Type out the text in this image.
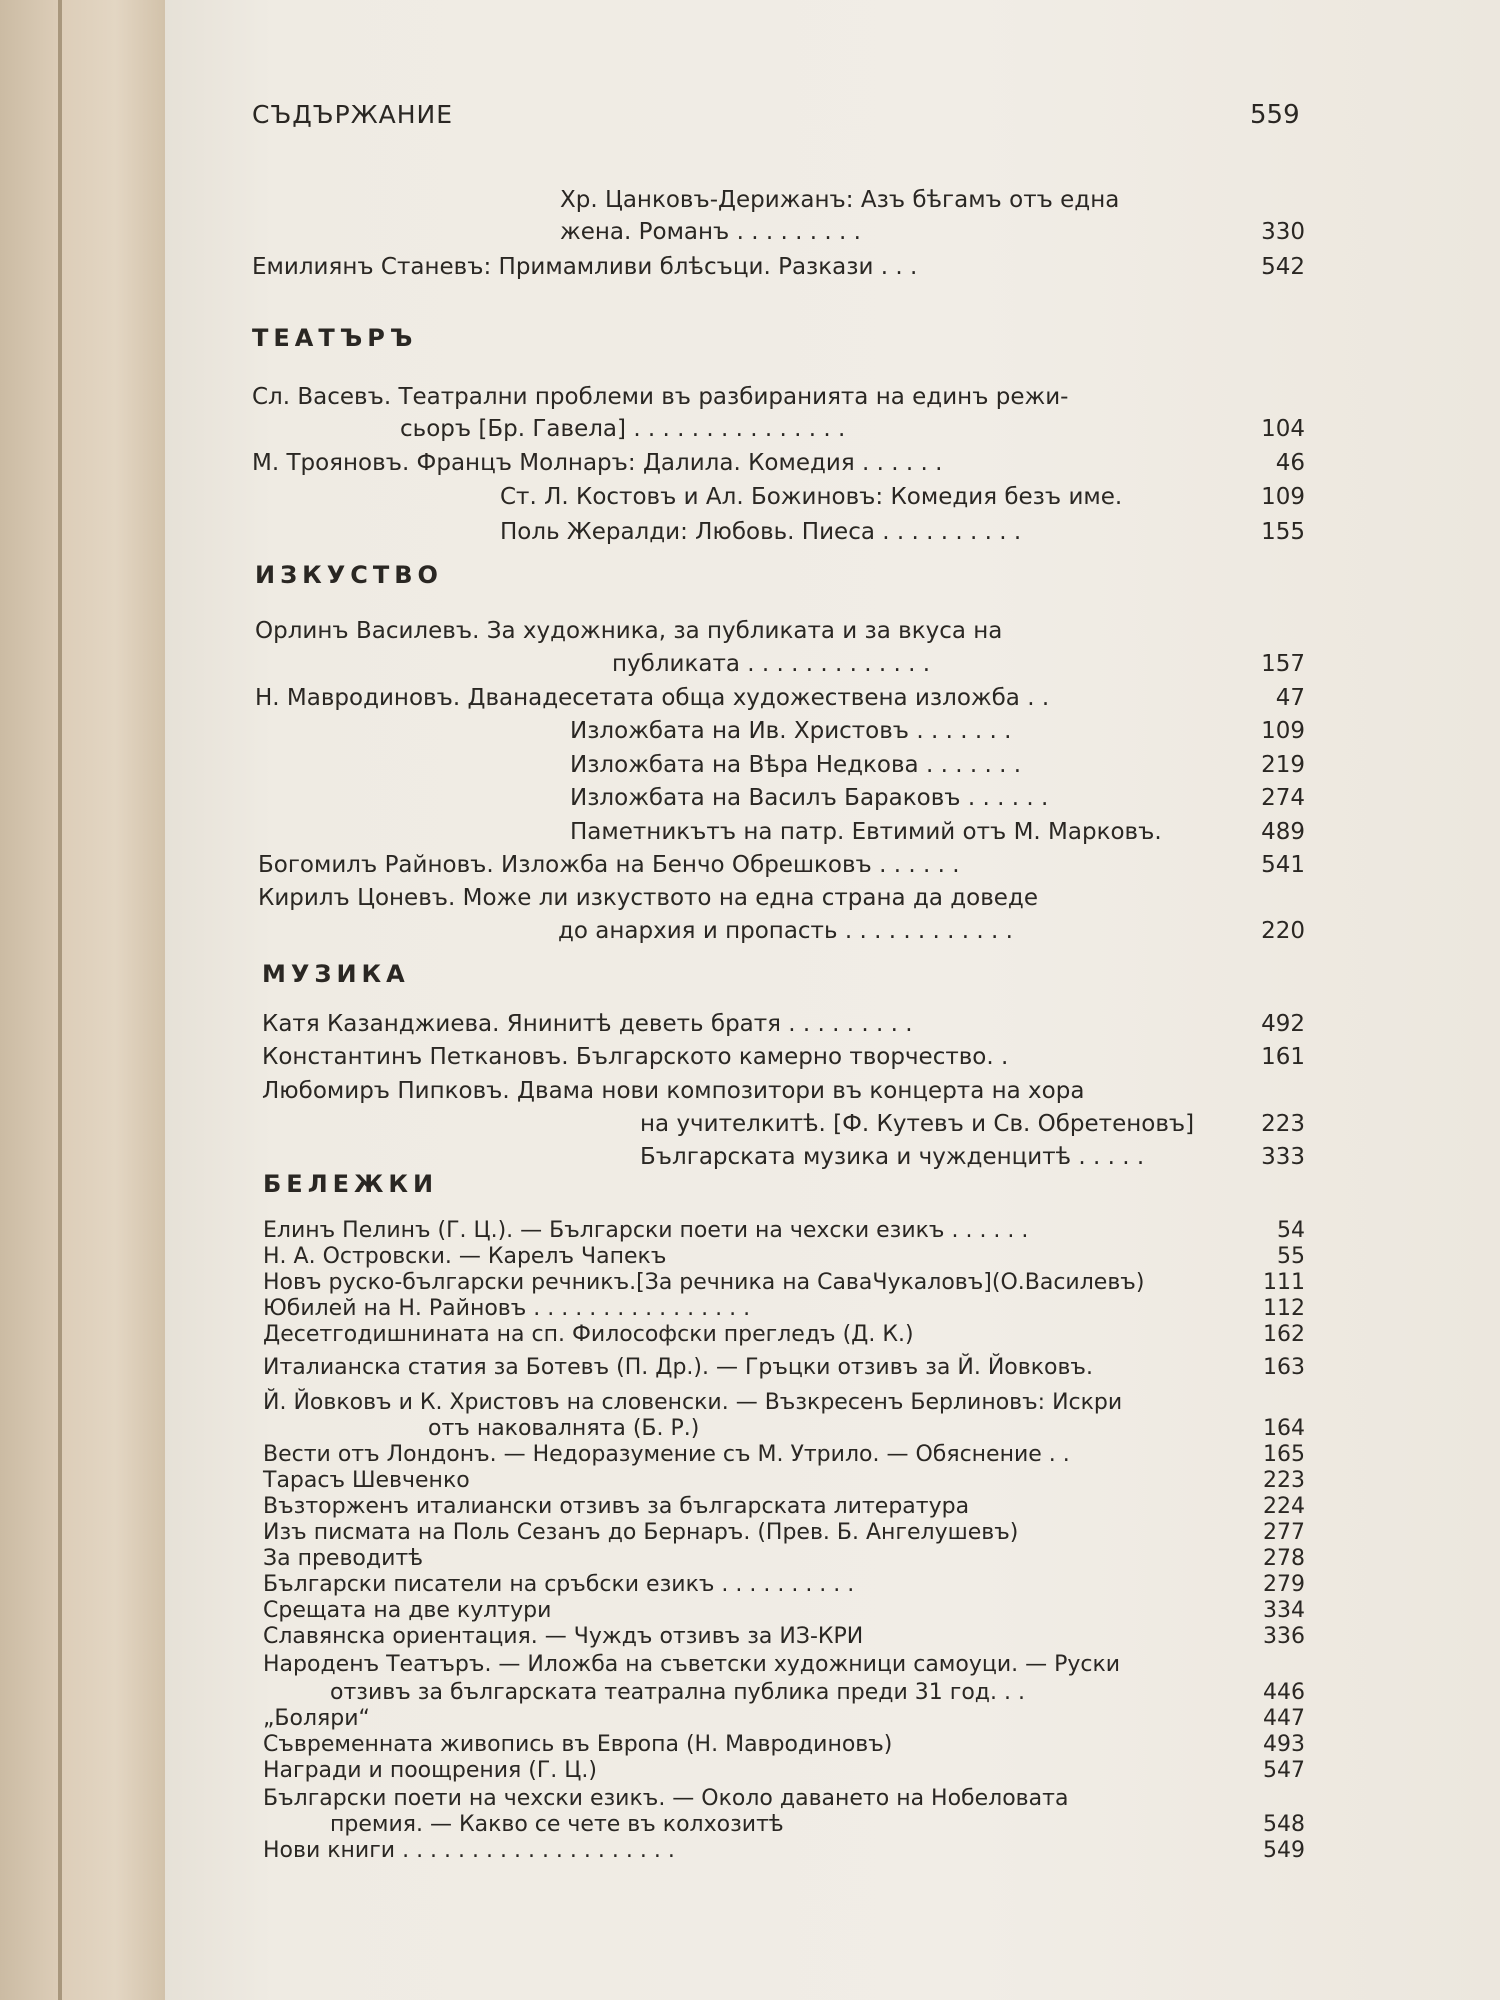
СЪДЪРЖАНИЕ	559
Хр. Цанковъ-Дерижанъ: Азъ бѣгамъ отъ една
жена. Романъ . . . . . . . . .	330
Емилиянъ Станевъ: Примамливи блѣсъци. Разкази . . .	542
ТЕАТЪРЪ
Сл. Васевъ. Театрални проблеми въ разбиранията на единъ режи-
сьоръ [Бр. Гавела] . . . . . . . . . . . . . . .	104
М. Трояновъ. Францъ Молнаръ: Далила. Комедия . . . . . .	46
Ст. Л. Костовъ и Ал. Божиновъ: Комедия безъ име.	109
Поль Жералди: Любовь. Пиеса . . . . . . . . . .	155
ИЗКУСТВО
Орлинъ Василевъ. За художника, за публиката и за вкуса на
публиката . . . . . . . . . . . . .	157
Н. Мавродиновъ. Дванадесетата обща художествена изложба . .	47
Изложбата на Ив. Христовъ . . . . . . .	109
Изложбата на Вѣра Недкова . . . . . . .	219
Изложбата на Василъ Бараковъ . . . . . .	274
Паметникътъ на патр. Евтимий отъ М. Марковъ.	489
Богомилъ Райновъ. Изложба на Бенчо Обрешковъ . . . . . .	541
Кирилъ Цоневъ. Може ли изкуството на една страна да доведе
до анархия и пропасть . . . . . . . . . . . .	220
МУЗИКА
Катя Казанджиева. Янинитѣ деветь братя . . . . . . . . .	492
Константинъ Петкановъ. Българското камерно творчество. .	161
Любомиръ Пипковъ. Двама нови композитори въ концерта на хора
на учителкитѣ. [Ф. Кутевъ и Св. Обретеновъ]	223
Българската музика и чужденцитѣ . . . . .	333
БЕЛЕЖКИ
Елинъ Пелинъ (Г. Ц.). — Български поети на чехски езикъ . . . . . .	54
Н. А. Островски. — Карелъ Чапекъ	55
Новъ руско-български речникъ.[За речника на СаваЧукаловъ](О.Василевъ)	111
Юбилей на Н. Райновъ . . . . . . . . . . . . . . . .	112
Десетгодишнината на сп. Философски прегледъ (Д. К.)	162
Италианска статия за Ботевъ (П. Др.). — Гръцки отзивъ за Й. Йовковъ.	163
Й. Йовковъ и К. Христовъ на словенски. — Възкресенъ Берлиновъ: Искри
отъ наковалнята (Б. Р.)	164
Вести отъ Лондонъ. — Недоразумение съ М. Утрило. — Обяснение . .	165
Тарасъ Шевченко	223
Възторженъ италиански отзивъ за българската литература	224
Изъ писмата на Поль Сезанъ до Бернаръ. (Прев. Б. Ангелушевъ)	277
За преводитѣ	278
Български писатели на сръбски езикъ . . . . . . . . . .	279
Срещата на две култури	334
Славянска ориентация. — Чуждъ отзивъ за ИЗ-КРИ	336
Народенъ Театъръ. — Иложба на съветски художници самоуци. — Руски
отзивъ за българската театрална публика преди 31 год. . .	446
„Боляри“	447
Съвременната живопись въ Европа (Н. Мавродиновъ)	493
Награди и поощрения (Г. Ц.)	547
Български поети на чехски езикъ. — Около даването на Нобеловата
премия. — Какво се чете въ колхозитѣ	548
Нови книги . . . . . . . . . . . . . . . . . . . .	549
